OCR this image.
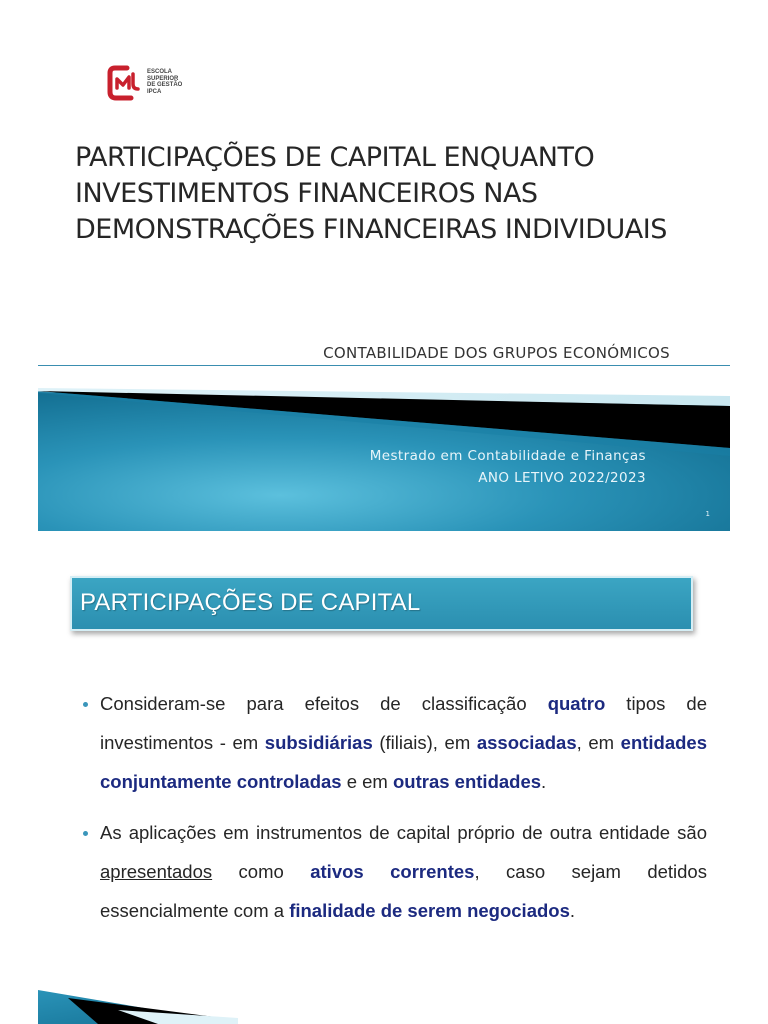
ESCOLA
SUPERIOR
DE GESTÃO
IPCA
PARTICIPAÇÕES DE CAPITAL ENQUANTO INVESTIMENTOS FINANCEIROS NAS DEMONSTRAÇÕES FINANCEIRAS INDIVIDUAIS
CONTABILIDADE DOS GRUPOS ECONÓMICOS
Mestrado em Contabilidade e Finanças
ANO LETIVO 2022/2023
1
PARTICIPAÇÕES DE CAPITAL
Consideram-se para efeitos de classificação quatro tipos de investimentos - em subsidiárias (filiais), em associadas, em entidades conjuntamente controladas e em outras entidades.
As aplicações em instrumentos de capital próprio de outra entidade são apresentados como ativos correntes, caso sejam detidos essencialmente com a finalidade de serem negociados.
